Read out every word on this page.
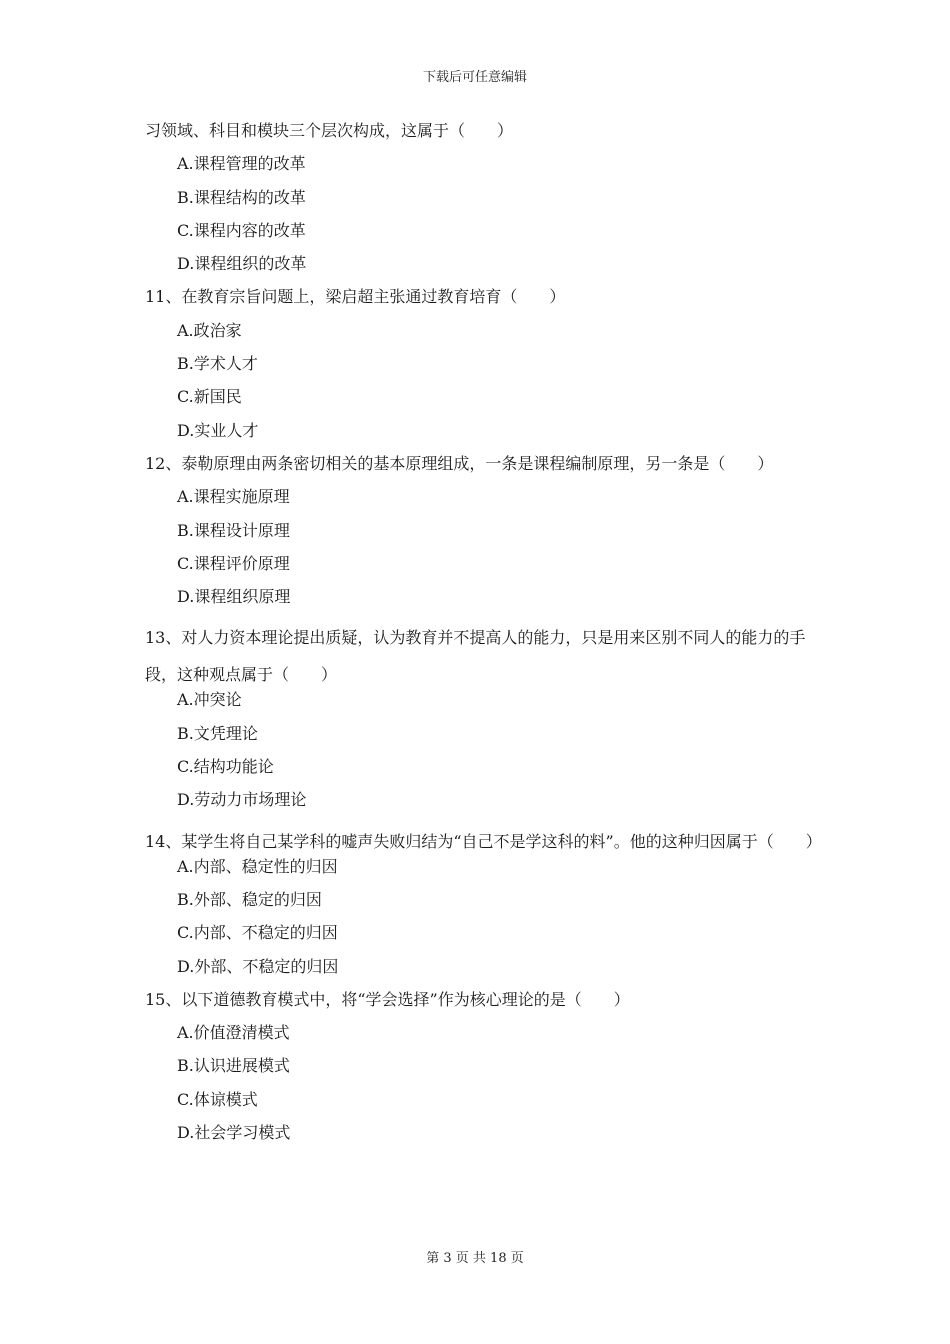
下载后可任意编辑
习领域、科目和模块三个层次构成，这属于（　　）
A.课程管理的改革
B.课程结构的改革
C.课程内容的改革
D.课程组织的改革
11、在教育宗旨问题上，梁启超主张通过教育培育（　　）
A.政治家
B.学术人才
C.新国民
D.实业人才
12、泰勒原理由两条密切相关的基本原理组成，一条是课程编制原理，另一条是（　　）
A.课程实施原理
B.课程设计原理
C.课程评价原理
D.课程组织原理
13、对人力资本理论提出质疑，认为教育并不提高人的能力，只是用来区别不同人的能力的手段，这种观点属于（　　）
A.冲突论
B.文凭理论
C.结构功能论
D.劳动力市场理论
14、某学生将自己某学科的嘘声失败归结为“自己不是学这科的料”。他的这种归因属于（　　）
A.内部、稳定性的归因
B.外部、稳定的归因
C.内部、不稳定的归因
D.外部、不稳定的归因
15、以下道德教育模式中，将“学会选择”作为核心理论的是（　　）
A.价值澄清模式
B.认识进展模式
C.体谅模式
D.社会学习模式
第 3 页 共 18 页
